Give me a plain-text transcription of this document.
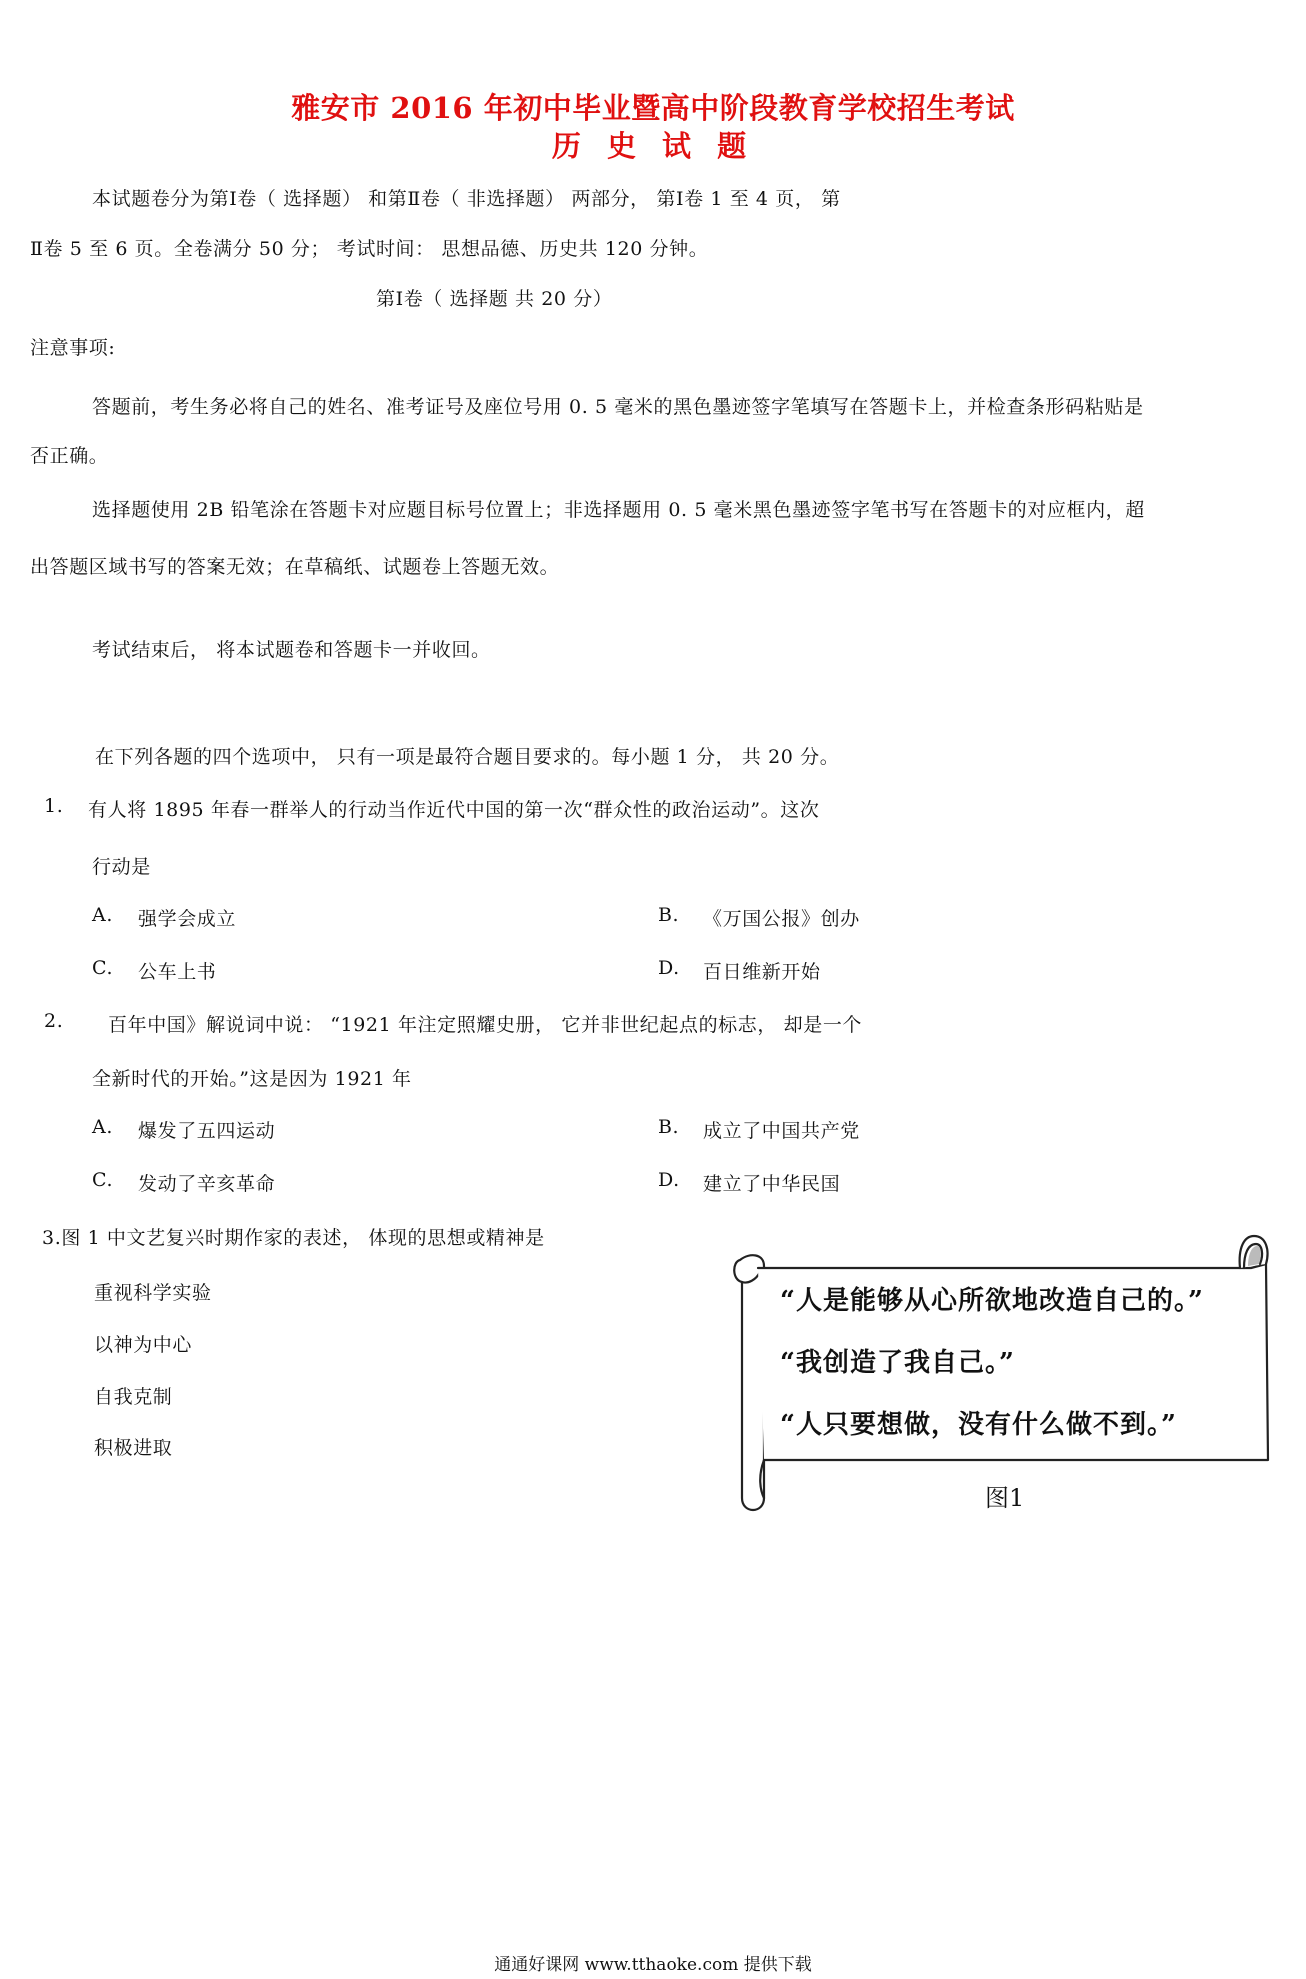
雅安市 2016 年初中毕业暨高中阶段教育学校招生考试
历 史 试 题
本试题卷分为第Ⅰ卷（ 选择题） 和第Ⅱ卷（ 非选择题） 两部分， 第Ⅰ卷 1 至 4 页， 第
Ⅱ卷 5 至 6 页。全卷满分 50 分； 考试时间： 思想品德、历史共 120 分钟。
第Ⅰ卷（ 选择题 共 20 分）
注意事项:
答题前，考生务必将自己的姓名、准考证号及座位号用 0. 5 毫米的黑色墨迹签字笔填写在答题卡上，并检查条形码粘贴是
否正确。
选择题使用 2B 铅笔涂在答题卡对应题目标号位置上；非选择题用 0. 5 毫米黑色墨迹签字笔书写在答题卡的对应框内，超
出答题区域书写的答案无效；在草稿纸、试题卷上答题无效。
考试结束后， 将本试题卷和答题卡一并收回。
在下列各题的四个选项中， 只有一项是最符合题目要求的。每小题 1 分， 共 20 分。
1. 有人将 1895 年春一群举人的行动当作近代中国的第一次“群众性的政治运动”。这次
行动是
A. 强学会成立	B. 《万国公报》创办
C. 公车上书	D. 百日维新开始
2. 百年中国》解说词中说： “1921 年注定照耀史册， 它并非世纪起点的标志， 却是一个
全新时代的开始。”这是因为 1921 年
A. 爆发了五四运动	B. 成立了中国共产党
C. 发动了辛亥革命	D. 建立了中华民国
3.图 1 中文艺复兴时期作家的表述， 体现的思想或精神是
重视科学实验
以神为中心
自我克制
积极进取
“人是能够从心所欲地改造自己的。”
“我创造了我自己。”
“人只要想做，没有什么做不到。”
图1
通通好课网 www.tthaoke.com 提供下载
